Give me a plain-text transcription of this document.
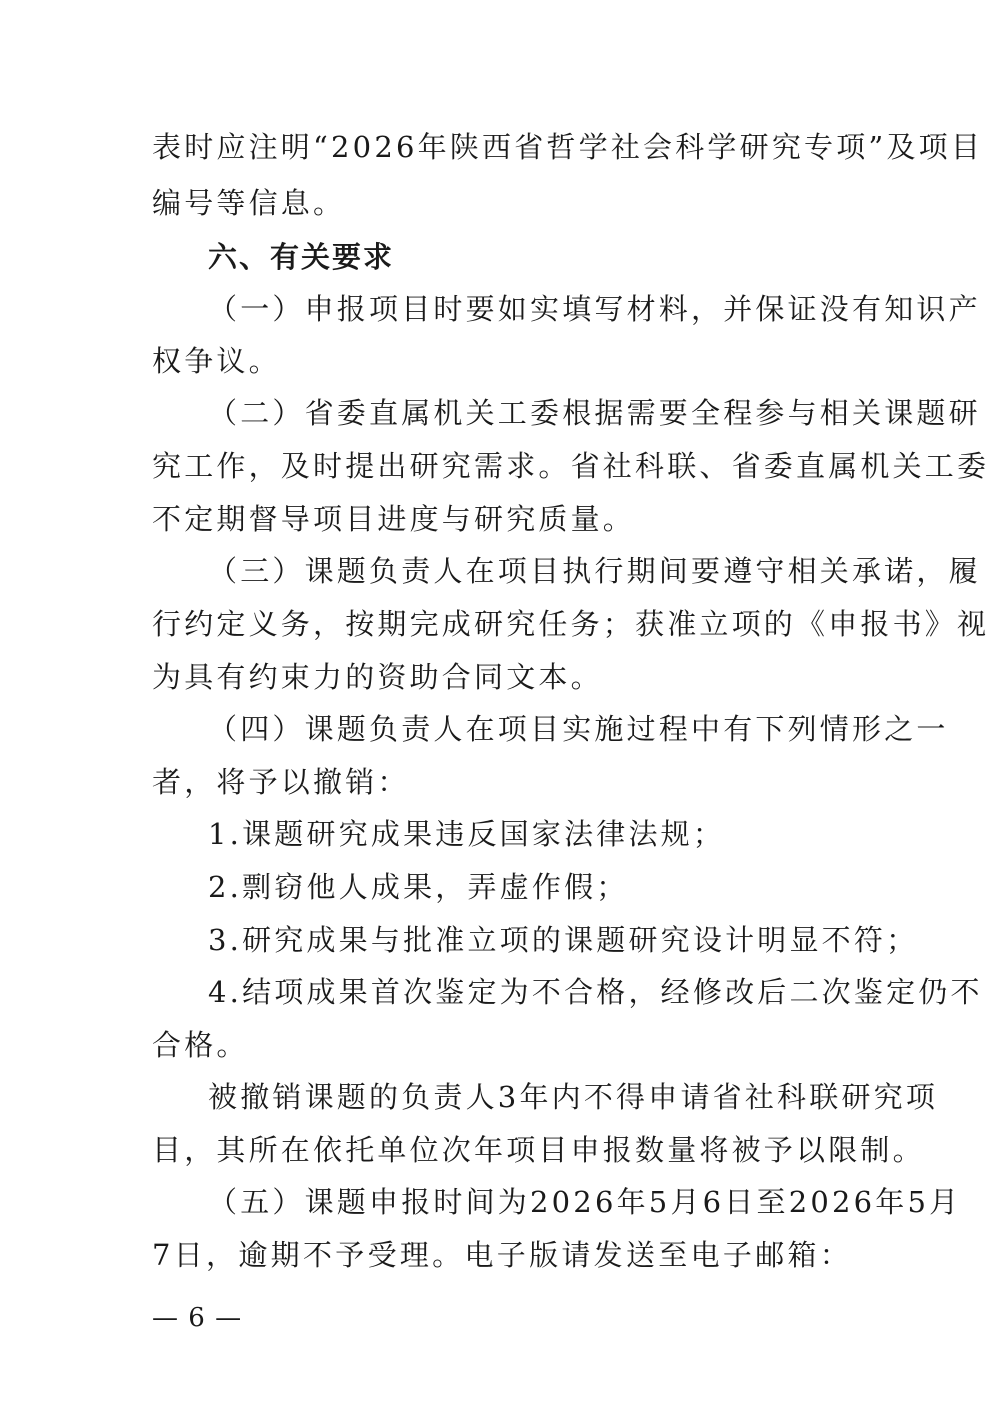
表时应注明“2026年陕西省哲学社会科学研究专项”及项目
编号等信息。
六、有关要求
（一）申报项目时要如实填写材料，并保证没有知识产
权争议。
（二）省委直属机关工委根据需要全程参与相关课题研
究工作，及时提出研究需求。省社科联、省委直属机关工委
不定期督导项目进度与研究质量。
（三）课题负责人在项目执行期间要遵守相关承诺，履
行约定义务，按期完成研究任务；获准立项的《申报书》视
为具有约束力的资助合同文本。
（四）课题负责人在项目实施过程中有下列情形之一
者，将予以撤销：
1.课题研究成果违反国家法律法规；
2.剽窃他人成果，弄虚作假；
3.研究成果与批准立项的课题研究设计明显不符；
4.结项成果首次鉴定为不合格，经修改后二次鉴定仍不
合格。
被撤销课题的负责人3年内不得申请省社科联研究项
目，其所在依托单位次年项目申报数量将被予以限制。
（五）课题申报时间为2026年5月6日至2026年5月
7日，逾期不予受理。电子版请发送至电子邮箱：
— 6 —
